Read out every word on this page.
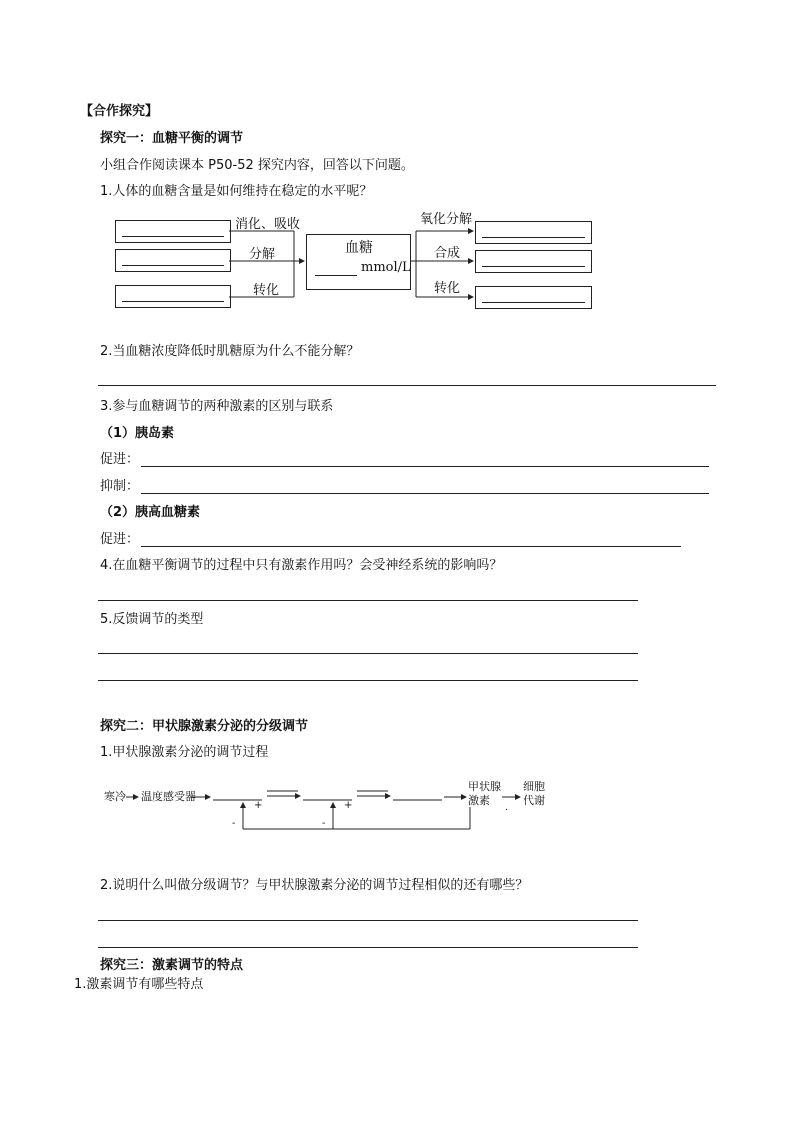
【合作探究】
探究一：血糖平衡的调节
小组合作阅读课本 P50-52 探究内容，回答以下问题。
1.人体的血糖含量是如何维持在稳定的水平呢？
血糖
mmol/L
消化、吸收
分解
转化
氧化分解
合成
转化
2.当血糖浓度降低时肌糖原为什么不能分解？
3.参与血糖调节的两种激素的区别与联系
（1）胰岛素
促进：
抑制：
（2）胰高血糖素
促进：
4.在血糖平衡调节的过程中只有激素作用吗？会受神经系统的影响吗？
5.反馈调节的类型
探究二：甲状腺激素分泌的分级调节
1.甲状腺激素分泌的调节过程
寒冷 温度感受器
甲状腺
激素
.
细胞
代谢
+	+
-	-
2.说明什么叫做分级调节？与甲状腺激素分泌的调节过程相似的还有哪些？
探究三：激素调节的特点
1.激素调节有哪些特点
